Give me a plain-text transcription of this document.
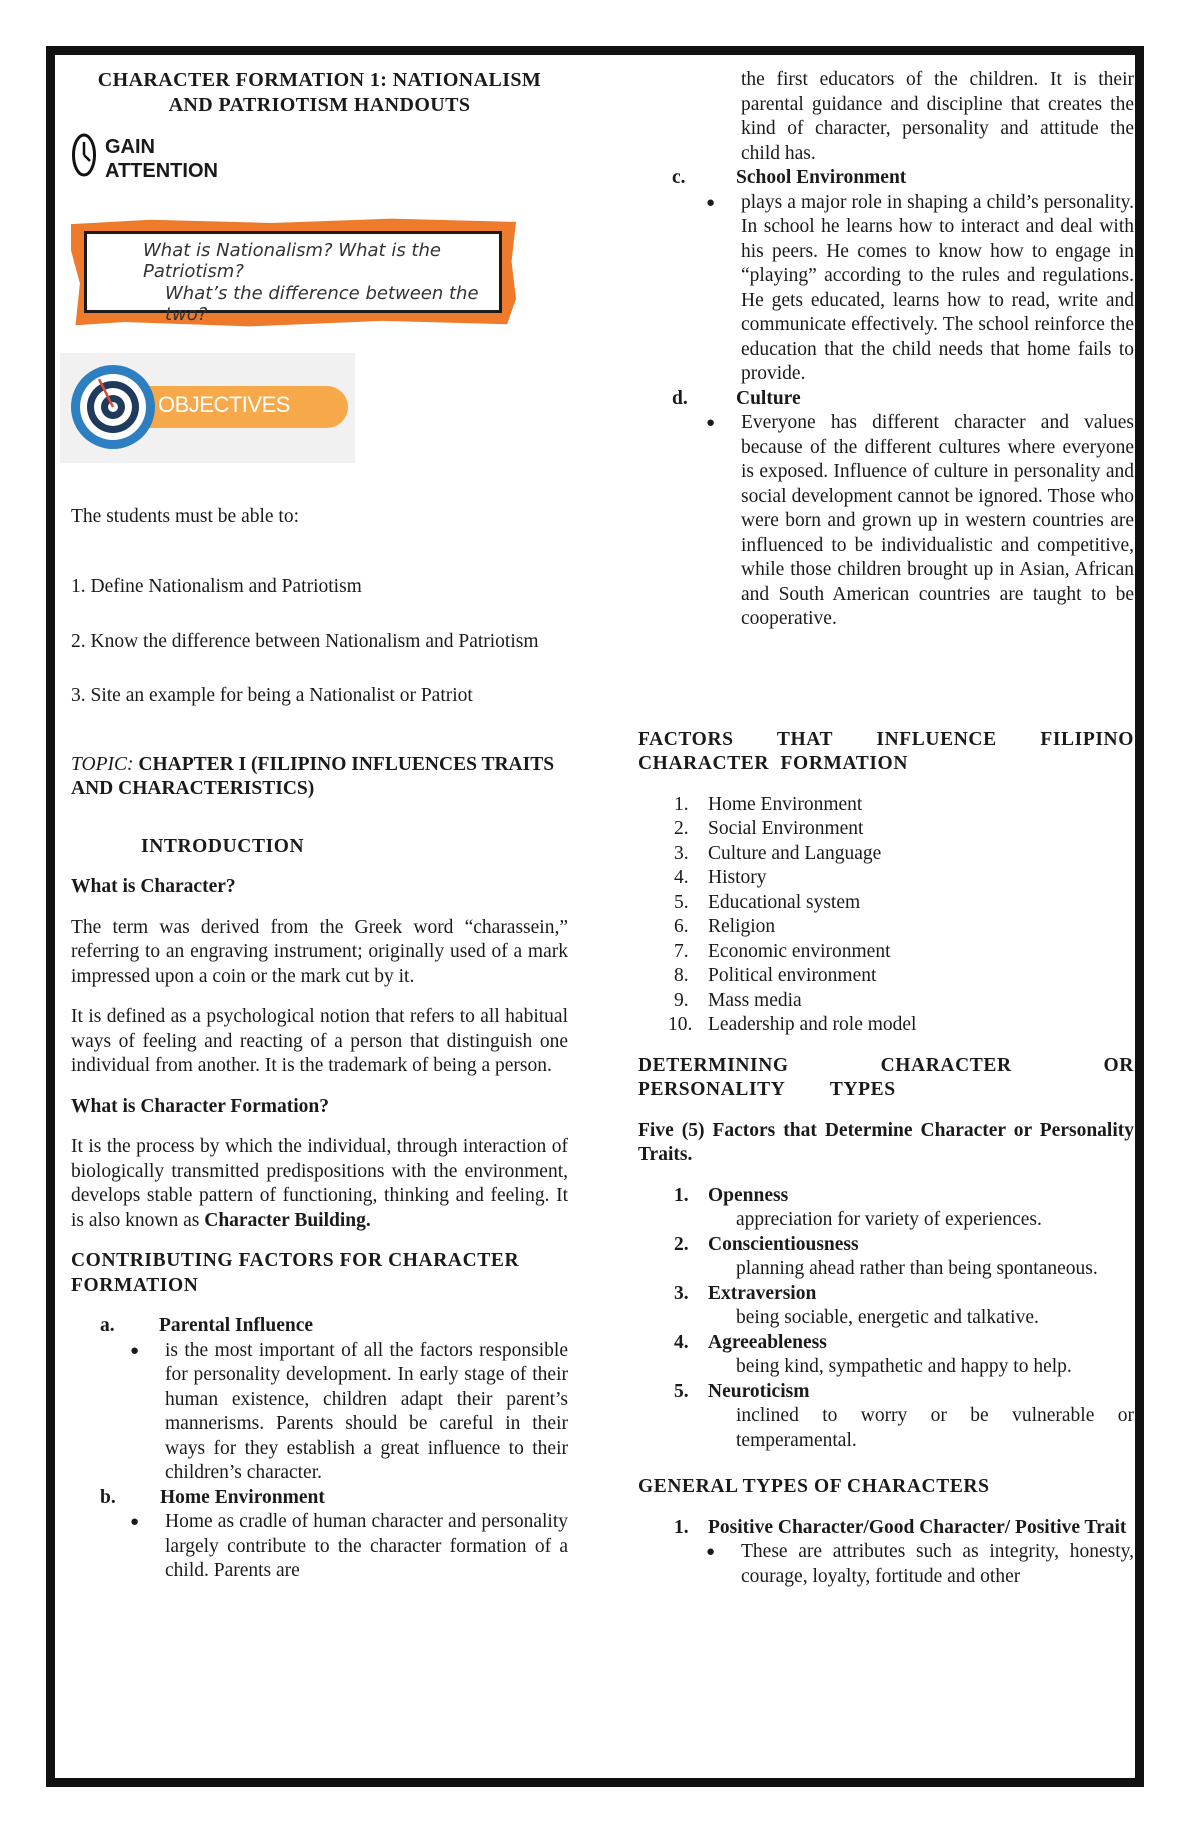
CHARACTER FORMATION 1: NATIONALISM
AND PATRIOTISM HANDOUTS

GAIN
ATTENTION
What is Nationalism? What is the Patriotism?
What’s the difference between the two?
OBJECTIVES

The students must be able to:

1. Define Nationalism and Patriotism

2. Know the difference between Nationalism and Patriotism

3. Site an example for being a Nationalist or Patriot

TOPIC: CHAPTER I (FILIPINO INFLUENCES TRAITS AND CHARACTERISTICS)

INTRODUCTION

What is Character?

The term was derived from the Greek word “charassein,” referring to an engraving instrument; originally used of a mark impressed upon a coin or the mark cut by it.

It is defined as a psychological notion that refers to all habitual ways of feeling and reacting of a person that distinguish one individual from another. It is the trademark of being a person.

What is Character Formation?

It is the process by which the individual, through interaction of biologically transmitted predispositions with the environment, develops stable pattern of functioning, thinking and feeling. It is also known as Character Building.

CONTRIBUTING FACTORS FOR CHARACTER FORMATION

a.	Parental Influence
●	is the most important of all the factors responsible for personality development. In early stage of their human existence, children adapt their parent’s mannerisms. Parents should be careful in their ways for they establish a great influence to their children’s character.
b.	Home Environment
●	Home as cradle of human character and personality largely contribute to the character formation of a child. Parents are

the first educators of the children. It is their parental guidance and discipline that creates the kind of character, personality and attitude the child has.

c.	School Environment
●	plays a major role in shaping a child’s personality. In school he learns how to interact and deal with his peers. He comes to know how to engage in “playing” according to the rules and regulations. He gets educated, learns how to read, write and communicate effectively. The school reinforce the education that the child needs that home fails to provide.
d.	Culture
●	Everyone has different character and values because of the different cultures where everyone is exposed. Influence of culture in personality and social development cannot be ignored. Those who were born and grown up in western countries are influenced to be individualistic and competitive, while those children brought up in Asian, African and South American countries are taught to be cooperative.

FACTORS THAT INFLUENCE FILIPINO CHARACTER FORMATION

1. Home Environment
2. Social Environment
3. Culture and Language
4. History
5. Educational system
6. Religion
7. Economic environment
8. Political environment
9. Mass media
10. Leadership and role model

DETERMINING CHARACTER OR PERSONALITY TYPES

Five (5) Factors that Determine Character or Personality Traits.

1. Openness
appreciation for variety of experiences.
2. Conscientiousness
planning ahead rather than being spontaneous.
3. Extraversion
being sociable, energetic and talkative.
4. Agreeableness
being kind, sympathetic and happy to help.
5. Neuroticism
inclined to worry or be vulnerable or temperamental.

GENERAL TYPES OF CHARACTERS

1. Positive Character/Good Character/ Positive Trait
●	These are attributes such as integrity, honesty, courage, loyalty, fortitude and other
